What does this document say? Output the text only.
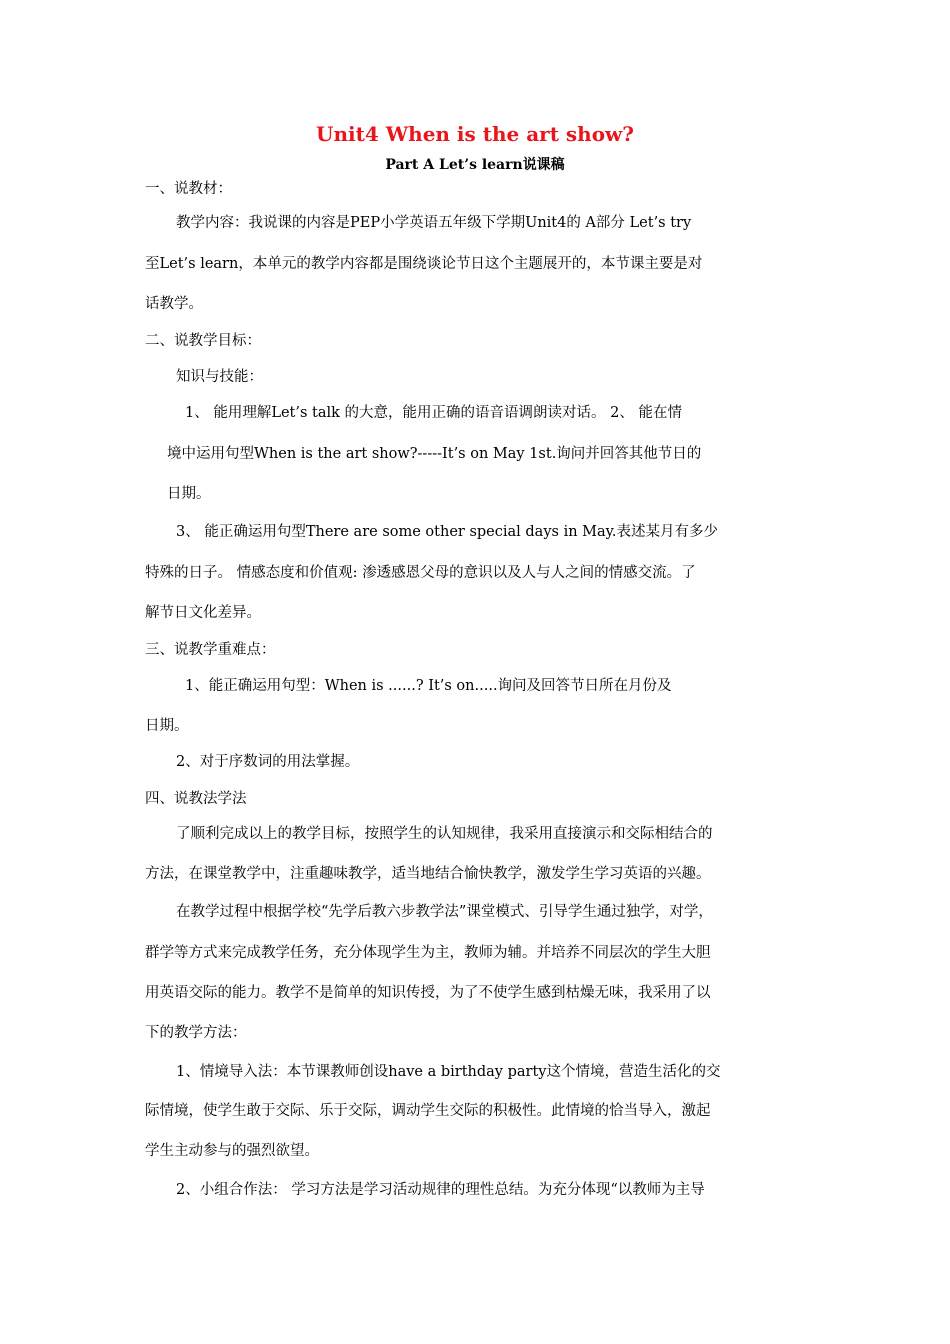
Unit4 When is the art show?
Part A Let’s learn说课稿
一、说教材：
教学内容：我说课的内容是PEP小学英语五年级下学期Unit4的 A部分 Let’s try
至Let’s learn，本单元的教学内容都是围绕谈论节日这个主题展开的，本节课主要是对
话教学。
二、说教学目标：
知识与技能：
1、 能用理解Let’s talk 的大意，能用正确的语音语调朗读对话。 2、 能在情
境中运用句型When is the art show?-----It’s on May 1st.询问并回答其他节日的
日期。
3、 能正确运用句型There are some other special days in May.表述某月有多少
特殊的日子。 情感态度和价值观: 渗透感恩父母的意识以及人与人之间的情感交流。了
解节日文化差异。
三、说教学重难点：
1、能正确运用句型：When is ......? It’s on.....询问及回答节日所在月份及
日期。
2、对于序数词的用法掌握。
四、说教法学法
了顺利完成以上的教学目标，按照学生的认知规律，我采用直接演示和交际相结合的
方法，在课堂教学中，注重趣味教学，适当地结合愉快教学，激发学生学习英语的兴趣。
在教学过程中根据学校“先学后教六步教学法”课堂模式、引导学生通过独学，对学，
群学等方式来完成教学任务，充分体现学生为主，教师为辅。并培养不同层次的学生大胆
用英语交际的能力。教学不是简单的知识传授，为了不使学生感到枯燥无味，我采用了以
下的教学方法：
1、情境导入法：本节课教师创设have a birthday party这个情境，营造生活化的交
际情境，使学生敢于交际、乐于交际，调动学生交际的积极性。此情境的恰当导入，激起
学生主动参与的强烈欲望。
2、小组合作法： 学习方法是学习活动规律的理性总结。为充分体现“以教师为主导
